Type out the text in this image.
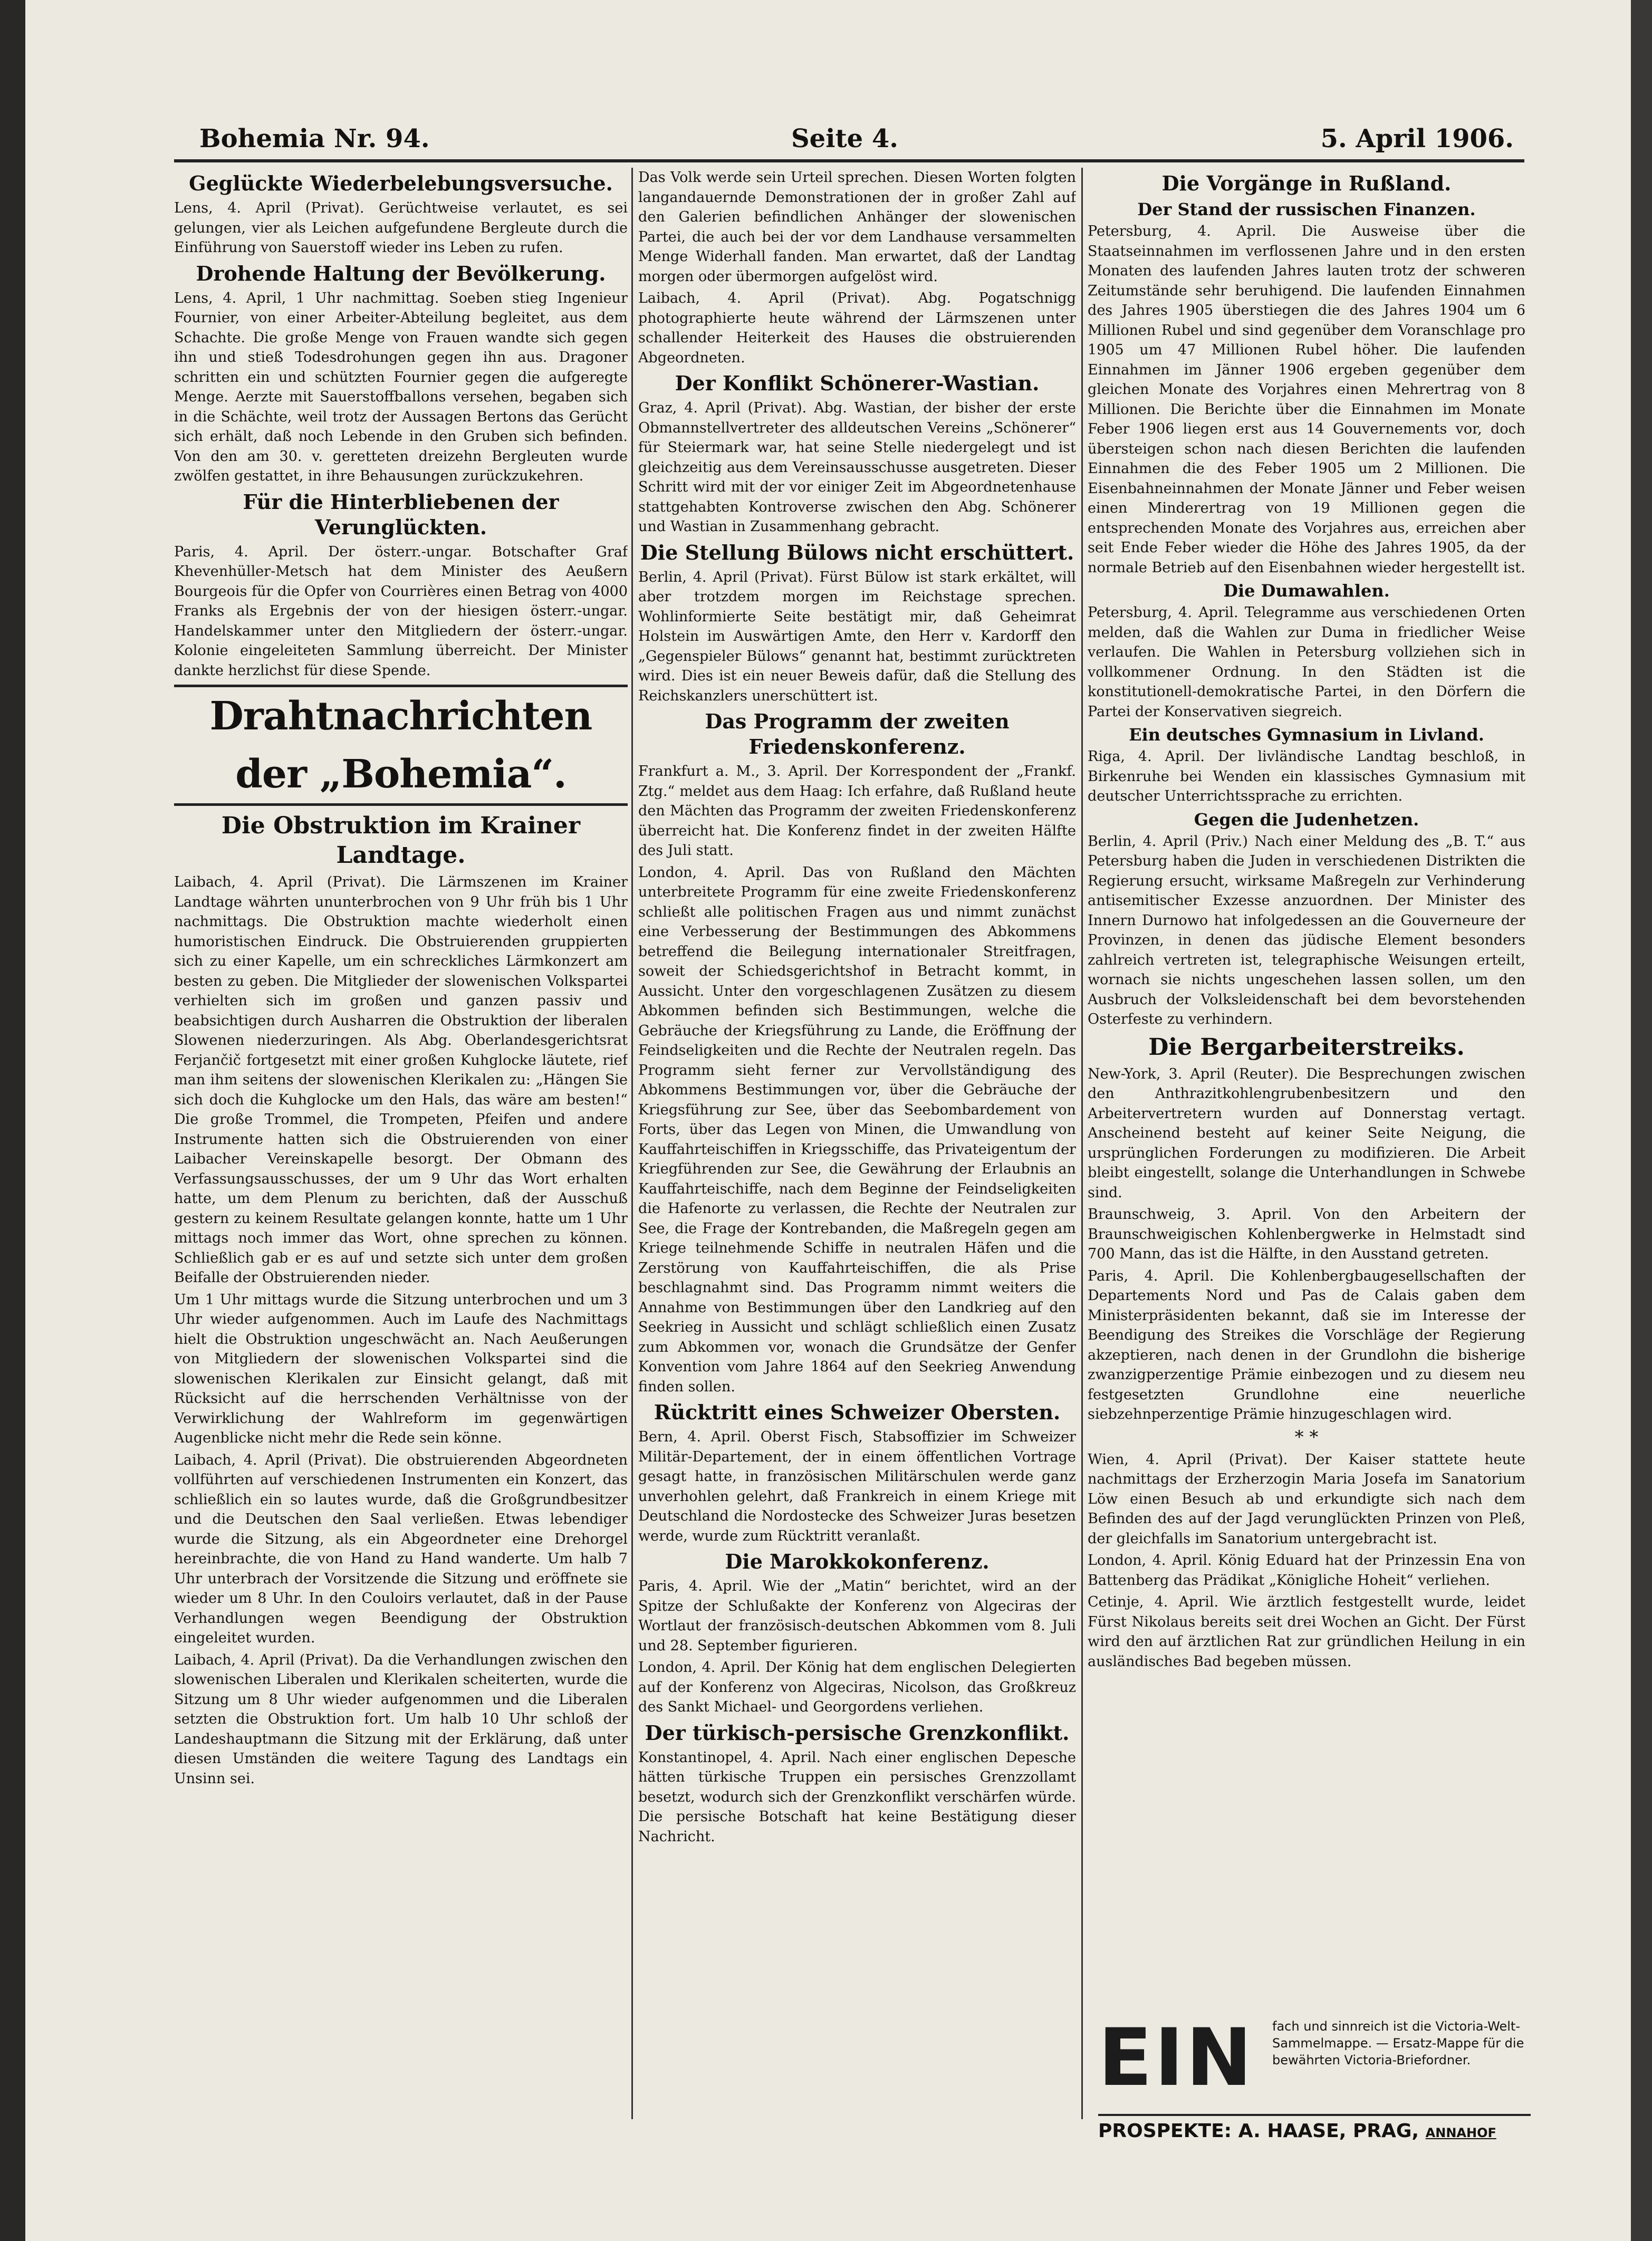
Bohemia Nr. 94.	Seite 4.	5. April 1906.
Geglückte Wiederbelebungsversuche.

Lens, 4. April (Privat). Gerüchtweise verlautet, es sei gelungen, vier als Leichen aufgefundene Bergleute durch die Einführung von Sauerstoff wieder ins Leben zu rufen.

Drohende Haltung der Bevölkerung.

Lens, 4. April, 1 Uhr nachmittag. Soeben stieg Ingenieur Fournier, von einer Arbeiter-Abteilung begleitet, aus dem Schachte. Die große Menge von Frauen wandte sich gegen ihn und stieß Todesdrohungen gegen ihn aus. Dragoner schritten ein und schützten Fournier gegen die aufgeregte Menge. Aerzte mit Sauerstoffballons versehen, begaben sich in die Schächte, weil trotz der Aussagen Bertons das Gerücht sich erhält, daß noch Lebende in den Gruben sich befinden. Von den am 30. v. geretteten dreizehn Bergleuten wurde zwölfen gestattet, in ihre Behausungen zurückzukehren.

Für die Hinterbliebenen der Verunglückten.

Paris, 4. April. Der österr.-ungar. Botschafter Graf Khevenhüller-Metsch hat dem Minister des Aeußern Bourgeois für die Opfer von Courrières einen Betrag von 4000 Franks als Ergebnis der von der hiesigen österr.-ungar. Handelskammer unter den Mitgliedern der österr.-ungar. Kolonie eingeleiteten Sammlung überreicht. Der Minister dankte herzlichst für diese Spende.

Drahtnachrichten der „Bohemia“.
Die Obstruktion im Krainer Landtage.

Laibach, 4. April (Privat). Die Lärmszenen im Krainer Landtage währten ununterbrochen von 9 Uhr früh bis 1 Uhr nachmittags. Die Obstruktion machte wiederholt einen humoristischen Eindruck. Die Obstruierenden gruppierten sich zu einer Kapelle, um ein schreckliches Lärmkonzert am besten zu geben. Die Mitglieder der slowenischen Volkspartei verhielten sich im großen und ganzen passiv und beabsichtigen durch Ausharren die Obstruktion der liberalen Slowenen niederzuringen. Als Abg. Oberlandesgerichtsrat Ferjančič fortgesetzt mit einer großen Kuhglocke läutete, rief man ihm seitens der slowenischen Klerikalen zu: „Hängen Sie sich doch die Kuhglocke um den Hals, das wäre am besten!“ Die große Trommel, die Trompeten, Pfeifen und andere Instrumente hatten sich die Obstruierenden von einer Laibacher Vereinskapelle besorgt. Der Obmann des Verfassungsausschusses, der um 9 Uhr das Wort erhalten hatte, um dem Plenum zu berichten, daß der Ausschuß gestern zu keinem Resultate gelangen konnte, hatte um 1 Uhr mittags noch immer das Wort, ohne sprechen zu können. Schließlich gab er es auf und setzte sich unter dem großen Beifalle der Obstruierenden nieder.

Um 1 Uhr mittags wurde die Sitzung unterbrochen und um 3 Uhr wieder aufgenommen. Auch im Laufe des Nachmittags hielt die Obstruktion ungeschwächt an. Nach Aeußerungen von Mitgliedern der slowenischen Volkspartei sind die slowenischen Klerikalen zur Einsicht gelangt, daß mit Rücksicht auf die herrschenden Verhältnisse von der Verwirklichung der Wahlreform im gegenwärtigen Augenblicke nicht mehr die Rede sein könne.

Laibach, 4. April (Privat). Die obstruierenden Abgeordneten vollführten auf verschiedenen Instrumenten ein Konzert, das schließlich ein so lautes wurde, daß die Großgrundbesitzer und die Deutschen den Saal verließen. Etwas lebendiger wurde die Sitzung, als ein Abgeordneter eine Drehorgel hereinbrachte, die von Hand zu Hand wanderte. Um halb 7 Uhr unterbrach der Vorsitzende die Sitzung und eröffnete sie wieder um 8 Uhr. In den Couloirs verlautet, daß in der Pause Verhandlungen wegen Beendigung der Obstruktion eingeleitet wurden.

Laibach, 4. April (Privat). Da die Verhandlungen zwischen den slowenischen Liberalen und Klerikalen scheiterten, wurde die Sitzung um 8 Uhr wieder aufgenommen und die Liberalen setzten die Obstruktion fort. Um halb 10 Uhr schloß der Landeshauptmann die Sitzung mit der Erklärung, daß unter diesen Umständen die weitere Tagung des Landtags ein Unsinn sei.

Das Volk werde sein Urteil sprechen. Diesen Worten folgten langandauernde Demonstrationen der in großer Zahl auf den Galerien befindlichen Anhänger der slowenischen Partei, die auch bei der vor dem Landhause versammelten Menge Widerhall fanden. Man erwartet, daß der Landtag morgen oder übermorgen aufgelöst wird.

Laibach, 4. April (Privat). Abg. Pogatschnigg photographierte heute während der Lärmszenen unter schallender Heiterkeit des Hauses die obstruierenden Abgeordneten.

Der Konflikt Schönerer-Wastian.

Graz, 4. April (Privat). Abg. Wastian, der bisher der erste Obmannstellvertreter des alldeutschen Vereins „Schönerer“ für Steiermark war, hat seine Stelle niedergelegt und ist gleichzeitig aus dem Vereinsausschusse ausgetreten. Dieser Schritt wird mit der vor einiger Zeit im Abgeordnetenhause stattgehabten Kontroverse zwischen den Abg. Schönerer und Wastian in Zusammenhang gebracht.

Die Stellung Bülows nicht erschüttert.

Berlin, 4. April (Privat). Fürst Bülow ist stark erkältet, will aber trotzdem morgen im Reichstage sprechen. Wohlinformierte Seite bestätigt mir, daß Geheimrat Holstein im Auswärtigen Amte, den Herr v. Kardorff den „Gegenspieler Bülows“ genannt hat, bestimmt zurücktreten wird. Dies ist ein neuer Beweis dafür, daß die Stellung des Reichskanzlers unerschüttert ist.

Das Programm der zweiten Friedenskonferenz.

Frankfurt a. M., 3. April. Der Korrespondent der „Frankf. Ztg.“ meldet aus dem Haag: Ich erfahre, daß Rußland heute den Mächten das Programm der zweiten Friedenskonferenz überreicht hat. Die Konferenz findet in der zweiten Hälfte des Juli statt.

London, 4. April. Das von Rußland den Mächten unterbreitete Programm für eine zweite Friedenskonferenz schließt alle politischen Fragen aus und nimmt zunächst eine Verbesserung der Bestimmungen des Abkommens betreffend die Beilegung internationaler Streitfragen, soweit der Schiedsgerichtshof in Betracht kommt, in Aussicht. Unter den vorgeschlagenen Zusätzen zu diesem Abkommen befinden sich Bestimmungen, welche die Gebräuche der Kriegsführung zu Lande, die Eröffnung der Feindseligkeiten und die Rechte der Neutralen regeln. Das Programm sieht ferner zur Vervollständigung des Abkommens Bestimmungen vor, über die Gebräuche der Kriegsführung zur See, über das Seebombardement von Forts, über das Legen von Minen, die Umwandlung von Kauffahrteischiffen in Kriegsschiffe, das Privateigentum der Kriegführenden zur See, die Gewährung der Erlaubnis an Kauffahrteischiffe, nach dem Beginne der Feindseligkeiten die Hafenorte zu verlassen, die Rechte der Neutralen zur See, die Frage der Kontrebanden, die Maßregeln gegen am Kriege teilnehmende Schiffe in neutralen Häfen und die Zerstörung von Kauffahrteischiffen, die als Prise beschlagnahmt sind. Das Programm nimmt weiters die Annahme von Bestimmungen über den Landkrieg auf den Seekrieg in Aussicht und schlägt schließlich einen Zusatz zum Abkommen vor, wonach die Grundsätze der Genfer Konvention vom Jahre 1864 auf den Seekrieg Anwendung finden sollen.

Rücktritt eines Schweizer Obersten.

Bern, 4. April. Oberst Fisch, Stabsoffizier im Schweizer Militär-Departement, der in einem öffentlichen Vortrage gesagt hatte, in französischen Militärschulen werde ganz unverhohlen gelehrt, daß Frankreich in einem Kriege mit Deutschland die Nordostecke des Schweizer Juras besetzen werde, wurde zum Rücktritt veranlaßt.

Die Marokkokonferenz.

Paris, 4. April. Wie der „Matin“ berichtet, wird an der Spitze der Schlußakte der Konferenz von Algeciras der Wortlaut der französisch-deutschen Abkommen vom 8. Juli und 28. September figurieren.

London, 4. April. Der König hat dem englischen Delegierten auf der Konferenz von Algeciras, Nicolson, das Großkreuz des Sankt Michael- und Georgordens verliehen.

Der türkisch-persische Grenzkonflikt.

Konstantinopel, 4. April. Nach einer englischen Depesche hätten türkische Truppen ein persisches Grenzzollamt besetzt, wodurch sich der Grenzkonflikt verschärfen würde. Die persische Botschaft hat keine Bestätigung dieser Nachricht.

Die Vorgänge in Rußland.
Der Stand der russischen Finanzen.

Petersburg, 4. April. Die Ausweise über die Staatseinnahmen im verflossenen Jahre und in den ersten Monaten des laufenden Jahres lauten trotz der schweren Zeitumstände sehr beruhigend. Die laufenden Einnahmen des Jahres 1905 überstiegen die des Jahres 1904 um 6 Millionen Rubel und sind gegenüber dem Voranschlage pro 1905 um 47 Millionen Rubel höher. Die laufenden Einnahmen im Jänner 1906 ergeben gegenüber dem gleichen Monate des Vorjahres einen Mehrertrag von 8 Millionen. Die Berichte über die Einnahmen im Monate Feber 1906 liegen erst aus 14 Gouvernements vor, doch übersteigen schon nach diesen Berichten die laufenden Einnahmen die des Feber 1905 um 2 Millionen. Die Eisenbahneinnahmen der Monate Jänner und Feber weisen einen Minderertrag von 19 Millionen gegen die entsprechenden Monate des Vorjahres aus, erreichen aber seit Ende Feber wieder die Höhe des Jahres 1905, da der normale Betrieb auf den Eisenbahnen wieder hergestellt ist.

Die Dumawahlen.

Petersburg, 4. April. Telegramme aus verschiedenen Orten melden, daß die Wahlen zur Duma in friedlicher Weise verlaufen. Die Wahlen in Petersburg vollziehen sich in vollkommener Ordnung. In den Städten ist die konstitutionell-demokratische Partei, in den Dörfern die Partei der Konservativen siegreich.

Ein deutsches Gymnasium in Livland.

Riga, 4. April. Der livländische Landtag beschloß, in Birkenruhe bei Wenden ein klassisches Gymnasium mit deutscher Unterrichtssprache zu errichten.

Gegen die Judenhetzen.

Berlin, 4. April (Priv.) Nach einer Meldung des „B. T.“ aus Petersburg haben die Juden in verschiedenen Distrikten die Regierung ersucht, wirksame Maßregeln zur Verhinderung antisemitischer Exzesse anzuordnen. Der Minister des Innern Durnowo hat infolgedessen an die Gouverneure der Provinzen, in denen das jüdische Element besonders zahlreich vertreten ist, telegraphische Weisungen erteilt, wornach sie nichts ungeschehen lassen sollen, um den Ausbruch der Volksleidenschaft bei dem bevorstehenden Osterfeste zu verhindern.

Die Bergarbeiterstreiks.

New-York, 3. April (Reuter). Die Besprechungen zwischen den Anthrazitkohlengrubenbesitzern und den Arbeitervertretern wurden auf Donnerstag vertagt. Anscheinend besteht auf keiner Seite Neigung, die ursprünglichen Forderungen zu modifizieren. Die Arbeit bleibt eingestellt, solange die Unterhandlungen in Schwebe sind.

Braunschweig, 3. April. Von den Arbeitern der Braunschweigischen Kohlenbergwerke in Helmstadt sind 700 Mann, das ist die Hälfte, in den Ausstand getreten.

Paris, 4. April. Die Kohlenbergbaugesellschaften der Departements Nord und Pas de Calais gaben dem Ministerpräsidenten bekannt, daß sie im Interesse der Beendigung des Streikes die Vorschläge der Regierung akzeptieren, nach denen in der Grundlohn die bisherige zwanzigperzentige Prämie einbezogen und zu diesem neu festgesetzten Grundlohne eine neuerliche siebzehnperzentige Prämie hinzugeschlagen wird.

* *

Wien, 4. April (Privat). Der Kaiser stattete heute nachmittags der Erzherzogin Maria Josefa im Sanatorium Löw einen Besuch ab und erkundigte sich nach dem Befinden des auf der Jagd verunglückten Prinzen von Pleß, der gleichfalls im Sanatorium untergebracht ist.

London, 4. April. König Eduard hat der Prinzessin Ena von Battenberg das Prädikat „Königliche Hoheit“ verliehen.

Cetinje, 4. April. Wie ärztlich festgestellt wurde, leidet Fürst Nikolaus bereits seit drei Wochen an Gicht. Der Fürst wird den auf ärztlichen Rat zur gründlichen Heilung in ein ausländisches Bad begeben müssen.

EIN	fach und sinnreich ist die Victoria-Welt-Sammelmappe. — Ersatz-Mappe für die bewährten Victoria-Briefordner.
PROSPEKTE: A. HAASE, PRAG, ANNAHOF
